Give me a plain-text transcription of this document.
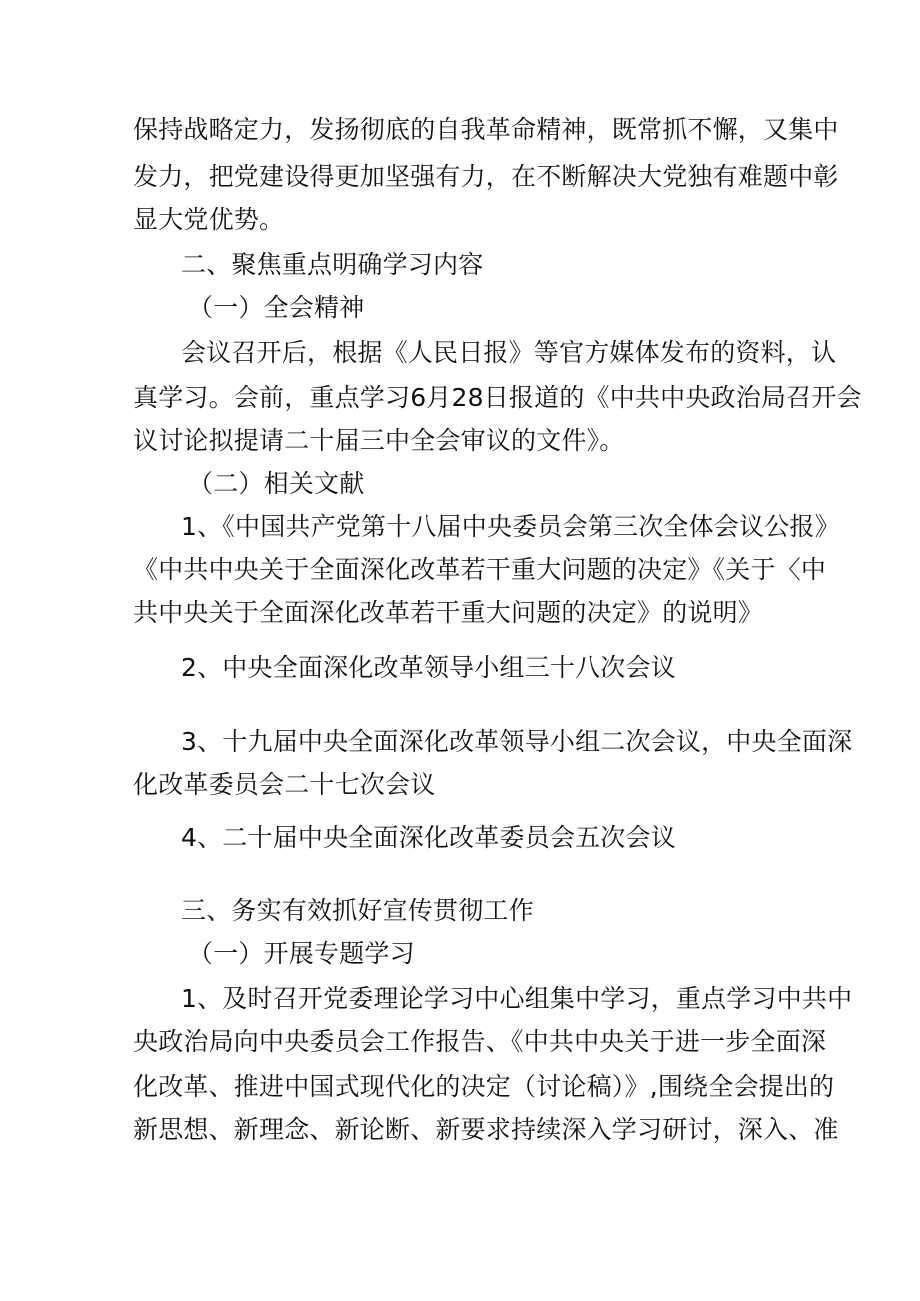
保持战略定力，发扬彻底的自我革命精神，既常抓不懈，又集中
发力，把党建设得更加坚强有力，在不断解决大党独有难题中彰
显大党优势。
二、聚焦重点明确学习内容
（一）全会精神
会议召开后，根据《人民日报》等官方媒体发布的资料，认
真学习。会前，重点学习6月28日报道的《中共中央政治局召开会
议讨论拟提请二十届三中全会审议的文件》。
（二）相关文献
1、《中国共产党第十八届中央委员会第三次全体会议公报》
《中共中央关于全面深化改革若干重大问题的决定》《关于〈中
共中央关于全面深化改革若干重大问题的决定》的说明》
2、中央全面深化改革领导小组三十八次会议
3、十九届中央全面深化改革领导小组二次会议，中央全面深
化改革委员会二十七次会议
4、二十届中央全面深化改革委员会五次会议
三、务实有效抓好宣传贯彻工作
（一）开展专题学习
1、及时召开党委理论学习中心组集中学习，重点学习中共中
央政治局向中央委员会工作报告、《中共中央关于进一步全面深
化改革、推进中国式现代化的决定（讨论稿）》,围绕全会提出的
新思想、新理念、新论断、新要求持续深入学习研讨，深入、准
